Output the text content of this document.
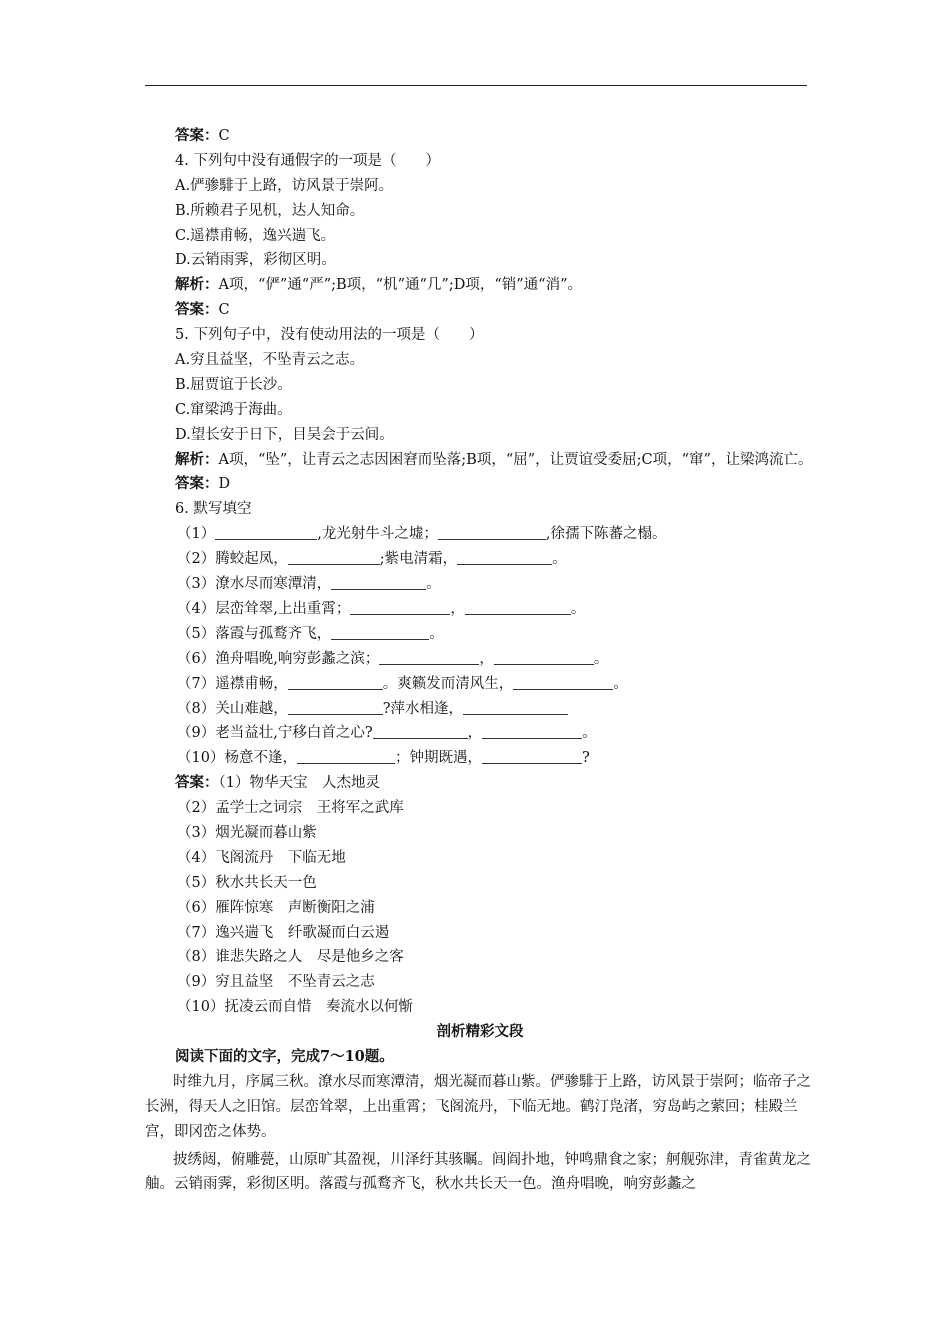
答案：C
4. 下列句中没有通假字的一项是（　　）
A.俨骖騑于上路，访风景于崇阿。
B.所赖君子见机，达人知命。
C.遥襟甫畅，逸兴遄飞。
D.云销雨霁，彩彻区明。
解析：A项，“俨”通“严”;B项，“机”通“几”;D项，“销”通“消”。
答案：C
5. 下列句子中，没有使动用法的一项是（　　）
A.穷且益坚，不坠青云之志。
B.屈贾谊于长沙。
C.窜梁鸿于海曲。
D.望长安于日下，目吴会于云间。
解析：A项，“坠”，让青云之志因困窘而坠落;B项，“屈”，让贾谊受委屈;C项，“窜”，让梁鸿流亡。
答案：D
6. 默写填空
（1）	,龙光射牛斗之墟；	,徐孺下陈蕃之榻。
（2）腾蛟起凤，	;紫电清霜，	。
（3）潦水尽而寒潭清，	。
（4）层峦耸翠,上出重霄；	，	。
（5）落霞与孤鹜齐飞，	。
（6）渔舟唱晚,响穷彭蠡之滨；	，	。
（7）遥襟甫畅，	。爽籁发而清风生，	。
（8）关山难越，	?萍水相逢，
（9）老当益壮,宁移白首之心?	，	。
（10）杨意不逢，	；钟期既遇，	?
答案：（1）物华天宝　人杰地灵
（2）孟学士之词宗　王将军之武库
（3）烟光凝而暮山紫
（4）飞阁流丹　下临无地
（5）秋水共长天一色
（6）雁阵惊寒　声断衡阳之浦
（7）逸兴遄飞　纤歌凝而白云遏
（8）谁悲失路之人　尽是他乡之客
（9）穷且益坚　不坠青云之志
（10）抚凌云而自惜　奏流水以何惭
剖析精彩文段
阅读下面的文字，完成7～10题。
时维九月，序属三秋。潦水尽而寒潭清，烟光凝而暮山紫。俨骖騑于上路，访风景于崇阿；临帝子之长洲，得天人之旧馆。层峦耸翠，上出重霄；飞阁流丹，下临无地。鹤汀凫渚，穷岛屿之萦回；桂殿兰宫，即冈峦之体势。
披绣闼，俯雕甍，山原旷其盈视，川泽纡其骇瞩。闾阎扑地，钟鸣鼎食之家；舸舰弥津，青雀黄龙之舳。云销雨霁，彩彻区明。落霞与孤鹜齐飞，秋水共长天一色。渔舟唱晚，响穷彭蠡之
